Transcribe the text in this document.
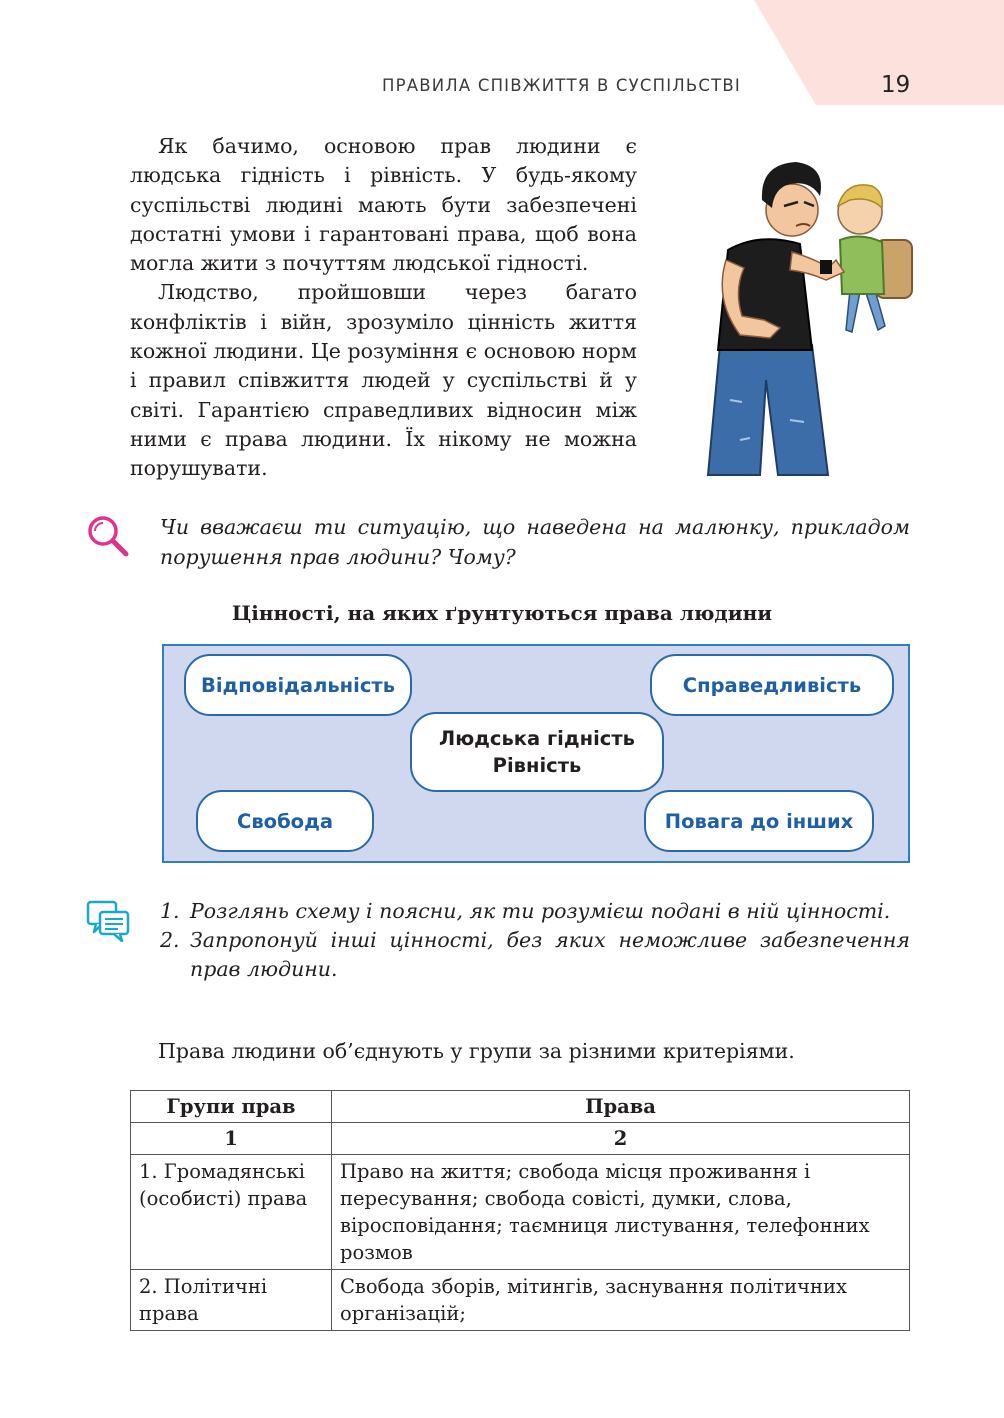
ПРАВИЛА СПІВЖИТТЯ В СУСПІЛЬСТВІ	19

Як бачимо, основою прав людини є людська гідність і рівність. У будь-якому суспільстві людині мають бути забезпечені достатні умови і гарантовані права, щоб вона могла жити з почуттям людської гідності.

Людство, пройшовши через багато конфліктів і війн, зрозуміло цінність життя кожної людини. Це розуміння є основою норм і правил співжиття людей у суспільстві й у світі. Гарантією справедливих відносин між ними є права людини. Їх нікому не можна порушувати.

Чи вважаєш ти ситуацію, що наведена на малюнку, прикладом порушення прав людини? Чому?
Цінності, на яких ґрунтуються права людини
Відповідальність	Справедливість
Людська гідність
Рівність
Свобода	Повага до інших
1. Розглянь схему і поясни, як ти розумієш подані в ній цінності.
2. Запропонуй інші цінності, без яких неможливе забезпечення прав людини.
Права людини об’єднують у групи за різними критеріями.
Групи прав	Права
1	2
1. Громадянські (особисті) права	Право на життя; свобода місця проживання і пересування; свобода совісті, думки, слова, віросповідання; таємниця листування, телефонних розмов
2. Політичні права	Свобода зборів, мітингів, заснування політичних організацій;
